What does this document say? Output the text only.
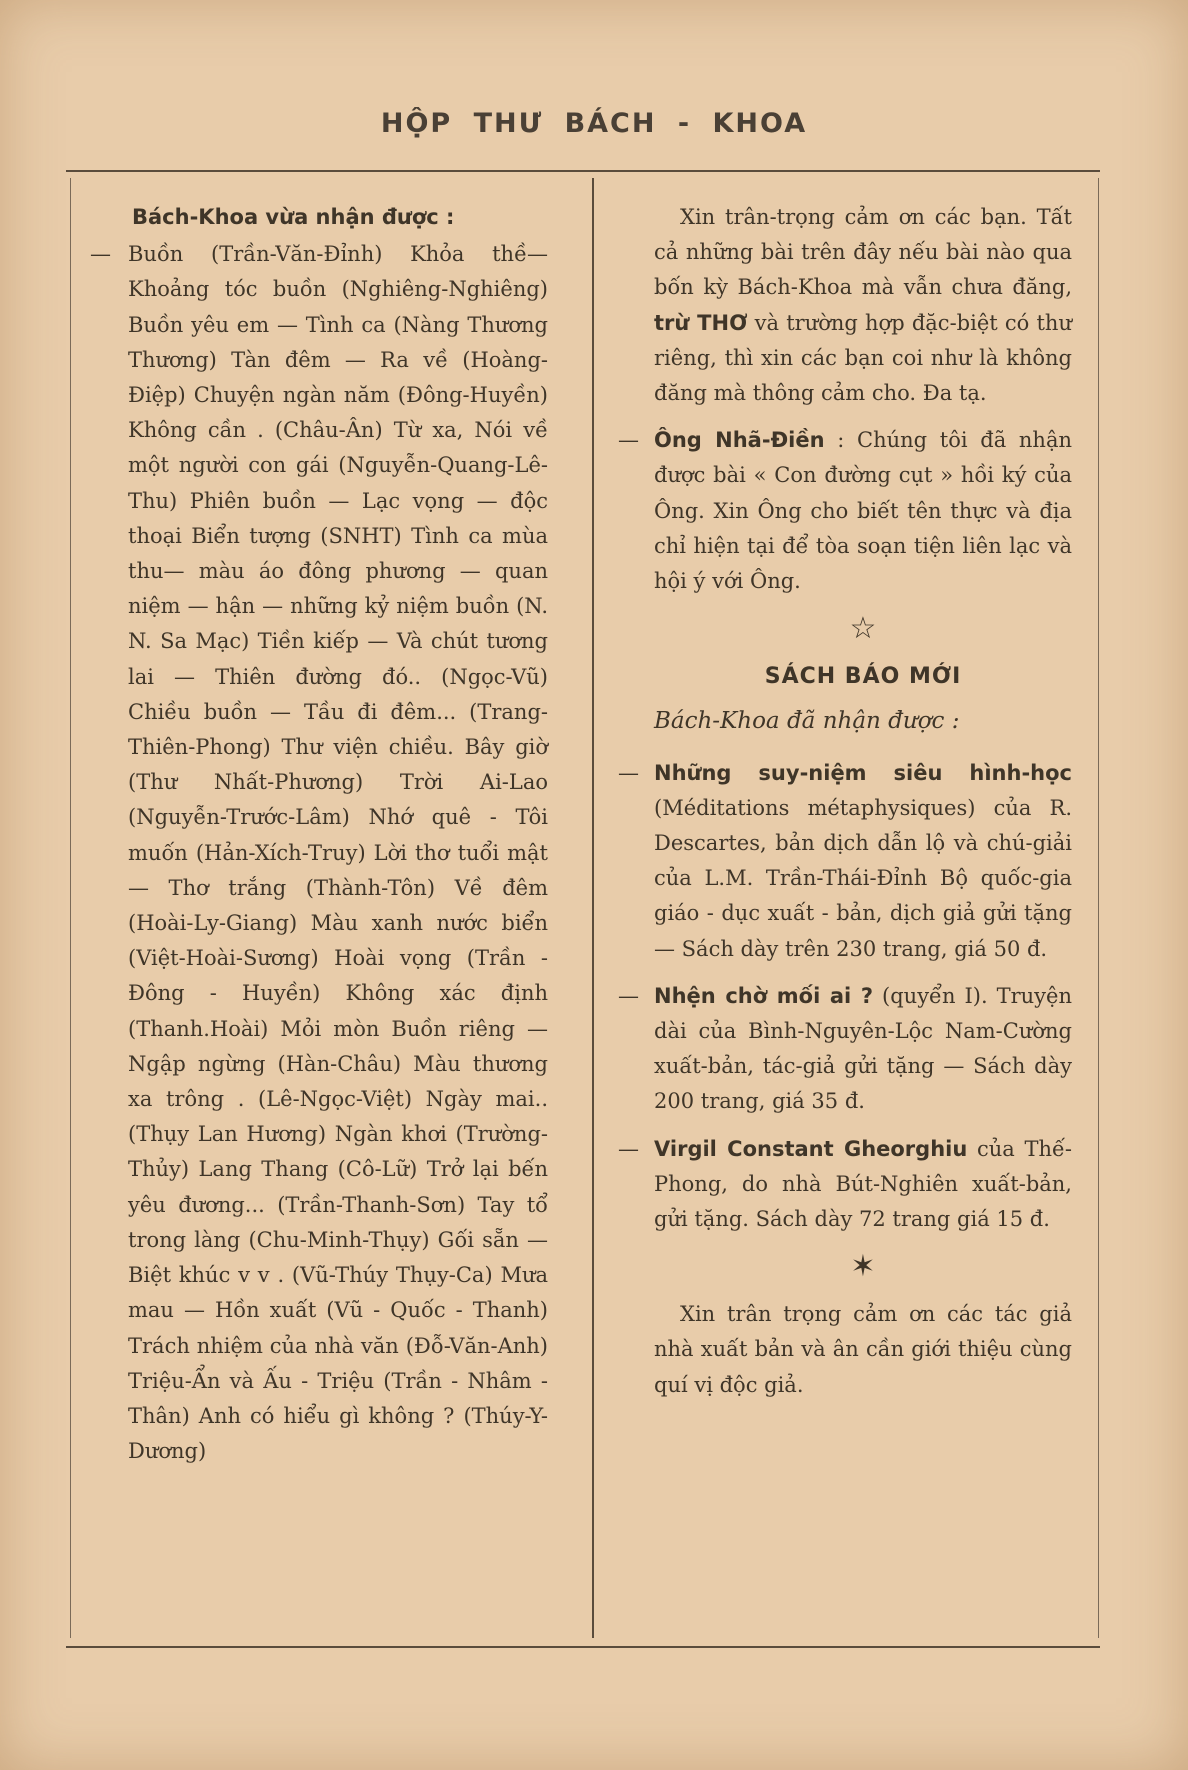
HỘP THƯ BÁCH - KHOA
Bách-Khoa vừa nhận được :
— Buồn (Trần-Văn-Đỉnh) Khỏa thề— Khoảng tóc buồn (Nghiêng-Nghiêng) Buồn yêu em — Tình ca (Nàng Thương Thương) Tàn đêm — Ra về (Hoàng-Điệp) Chuyện ngàn năm (Đông-Huyền) Không cần . (Châu-Ân) Từ xa, Nói về một người con gái (Nguyễn-Quang-Lê-Thu) Phiên buồn — Lạc vọng — độc thoại Biển tượng (SNHT) Tình ca mùa thu— màu áo đông phương — quan niệm — hận — những kỷ niệm buồn (N. N. Sa Mạc) Tiền kiếp — Và chút tương lai — Thiên đường đó.. (Ngọc-Vũ) Chiều buồn — Tầu đi đêm... (Trang-Thiên-Phong) Thư viện chiều. Bây giờ (Thư Nhất-Phương) Trời Ai-Lao (Nguyễn-Trước-Lâm) Nhớ quê - Tôi muốn (Hản-Xích-Truy) Lời thơ tuổi mật — Thơ trắng (Thành-Tôn) Về đêm (Hoài-Ly-Giang) Màu xanh nước biển (Việt-Hoài-Sương) Hoài vọng (Trần - Đông - Huyền) Không xác định (Thanh.Hoài) Mỏi mòn Buồn riêng — Ngập ngừng (Hàn-Châu) Màu thương xa trông . (Lê-Ngọc-Việt) Ngày mai.. (Thụy Lan Hương) Ngàn khơi (Trường-Thủy) Lang Thang (Cô-Lữ) Trở lại bến yêu đương... (Trần-Thanh-Sơn) Tay tổ trong làng (Chu-Minh-Thụy) Gối sẵn — Biệt khúc v v . (Vũ-Thúy Thụy-Ca) Mưa mau — Hồn xuất (Vũ - Quốc - Thanh) Trách nhiệm của nhà văn (Đỗ-Văn-Anh) Triệu-Ẩn và Ấu - Triệu (Trần - Nhâm - Thân) Anh có hiểu gì không ? (Thúy-Y-Dương)
Xin trân-trọng cảm ơn các bạn. Tất cả những bài trên đây nếu bài nào qua bốn kỳ Bách-Khoa mà vẫn chưa đăng, trừ THƠ và trường hợp đặc-biệt có thư riêng, thì xin các bạn coi như là không đăng mà thông cảm cho. Đa tạ.
— Ông Nhã-Điền : Chúng tôi đã nhận được bài « Con đường cụt » hồi ký của Ông. Xin Ông cho biết tên thực và địa chỉ hiện tại để tòa soạn tiện liên lạc và hội ý với Ông.
☆
SÁCH BÁO MỚI
Bách-Khoa đã nhận được :
— Những suy-niệm siêu hình-học (Méditations métaphysiques) của R. Descartes, bản dịch dẫn lộ và chú-giải của L.M. Trần-Thái-Đỉnh Bộ quốc-gia giáo - dục xuất - bản, dịch giả gửi tặng — Sách dày trên 230 trang, giá 50 đ.
— Nhện chờ mối ai ? (quyển I). Truyện dài của Bình-Nguyên-Lộc Nam-Cường xuất-bản, tác-giả gửi tặng — Sách dày 200 trang, giá 35 đ.
— Virgil Constant Gheorghiu của Thế-Phong, do nhà Bút-Nghiên xuất-bản, gửi tặng. Sách dày 72 trang giá 15 đ.
✶
Xin trân trọng cảm ơn các tác giả nhà xuất bản và ân cần giới thiệu cùng quí vị độc giả.
